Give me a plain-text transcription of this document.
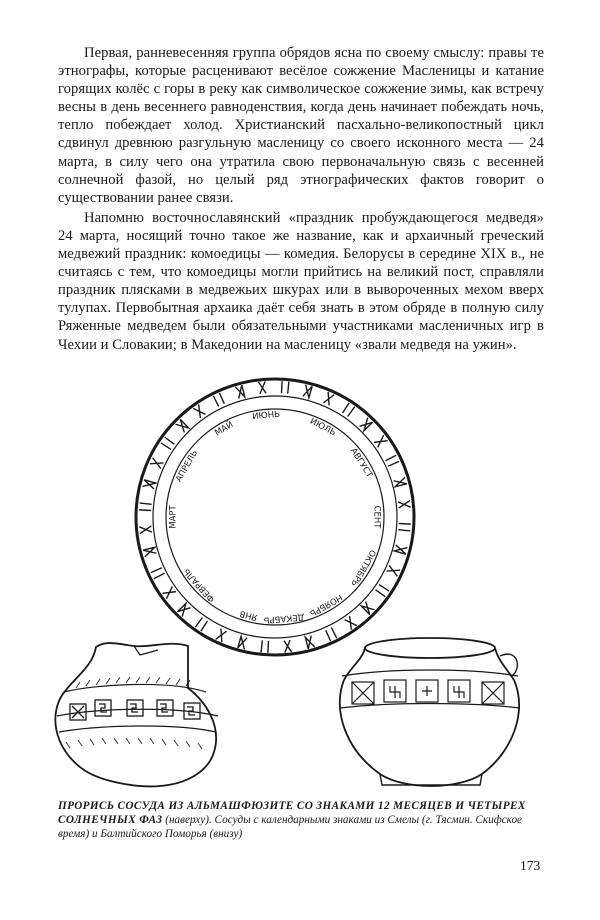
Первая, ранневесенняя группа обрядов ясна по своему смыслу: правы те этнографы, которые расценивают весёлое сожжение Масленицы и катание горящих колёс с горы в реку как символическое сожжение зимы, как встречу весны в день весеннего равноденствия, когда день начинает побеждать ночь, тепло побеждает холод. Христианский пасхально-великопостный цикл сдвинул древнюю разгульную масленицу со своего исконного места — 24 марта, в силу чего она утратила свою первоначальную связь с весенней солнечной фазой, но целый ряд этнографических фактов говорит о существовании ранее связи.

Напомню восточнославянский «праздник пробуждающегося медведя» 24 марта, носящий точно такое же название, как и архаичный греческий медвежий праздник: комоедицы — комедия. Белорусы в середине XIX в., не считаясь с тем, что комоедицы могли прийтись на великий пост, справляли праздник плясками в медвежьих шкурах или в вывороченных мехом вверх тулупах. Первобытная архаика даёт себя знать в этом обряде в полную силу Ряженные медведем были обязательными участниками масленичных игр в Чехии и Словакии; в Македонии на масленицу «звали медведя на ужин».

МАРТ
АПРЕЛЬ
МАЙ
ИЮНЬ
ИЮЛЬ
АВГУСТ
СЕНТ
ОКТЯБРЬ
НОЯБРЬ
ДЕКАБРЬ
ЯНВ
ФЕВРАЛЬ
ПРОРИСЬ СОСУДА ИЗ АЛЬМАШФЮЗИТЕ СО ЗНАКАМИ 12 МЕСЯЦЕВ И ЧЕТЫРЕХ СОЛНЕЧНЫХ ФАЗ (наверху). Сосуды с календарными знаками из Смелы (г. Тясмин. Скифское время) и Балтийского Поморья (внизу)
173
